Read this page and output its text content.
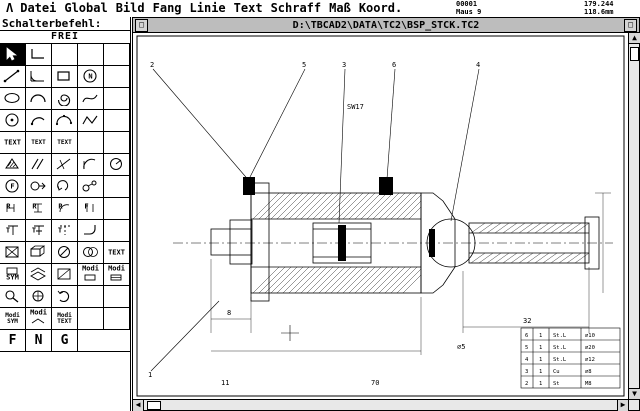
Λ Datei Global Bild Fang Linie Text Schraff Maß Koord.	00001
Maus 9
179.244
118.6mm
Schalterbefehl:
FREI
N
TEXT	TEXT	TEXT
F
R	R	R	F
T	T	T
TEXT
SYM
Modi	Modi
Modi SYM
Modi	Modi TEXT
F	N	G
□	D:\TBCAD2\DATA\TC2\BSP_STCK.TC2	□
2	5	3	6	4
1
SW17
8
11	70
32
⌀5
6 1 St.L	⌀10
5 1 St.L	⌀20
4 1 St.L	⌀12
3 1 Cu	⌀8
2 1 St	M8
▲
▼
◀	▶
